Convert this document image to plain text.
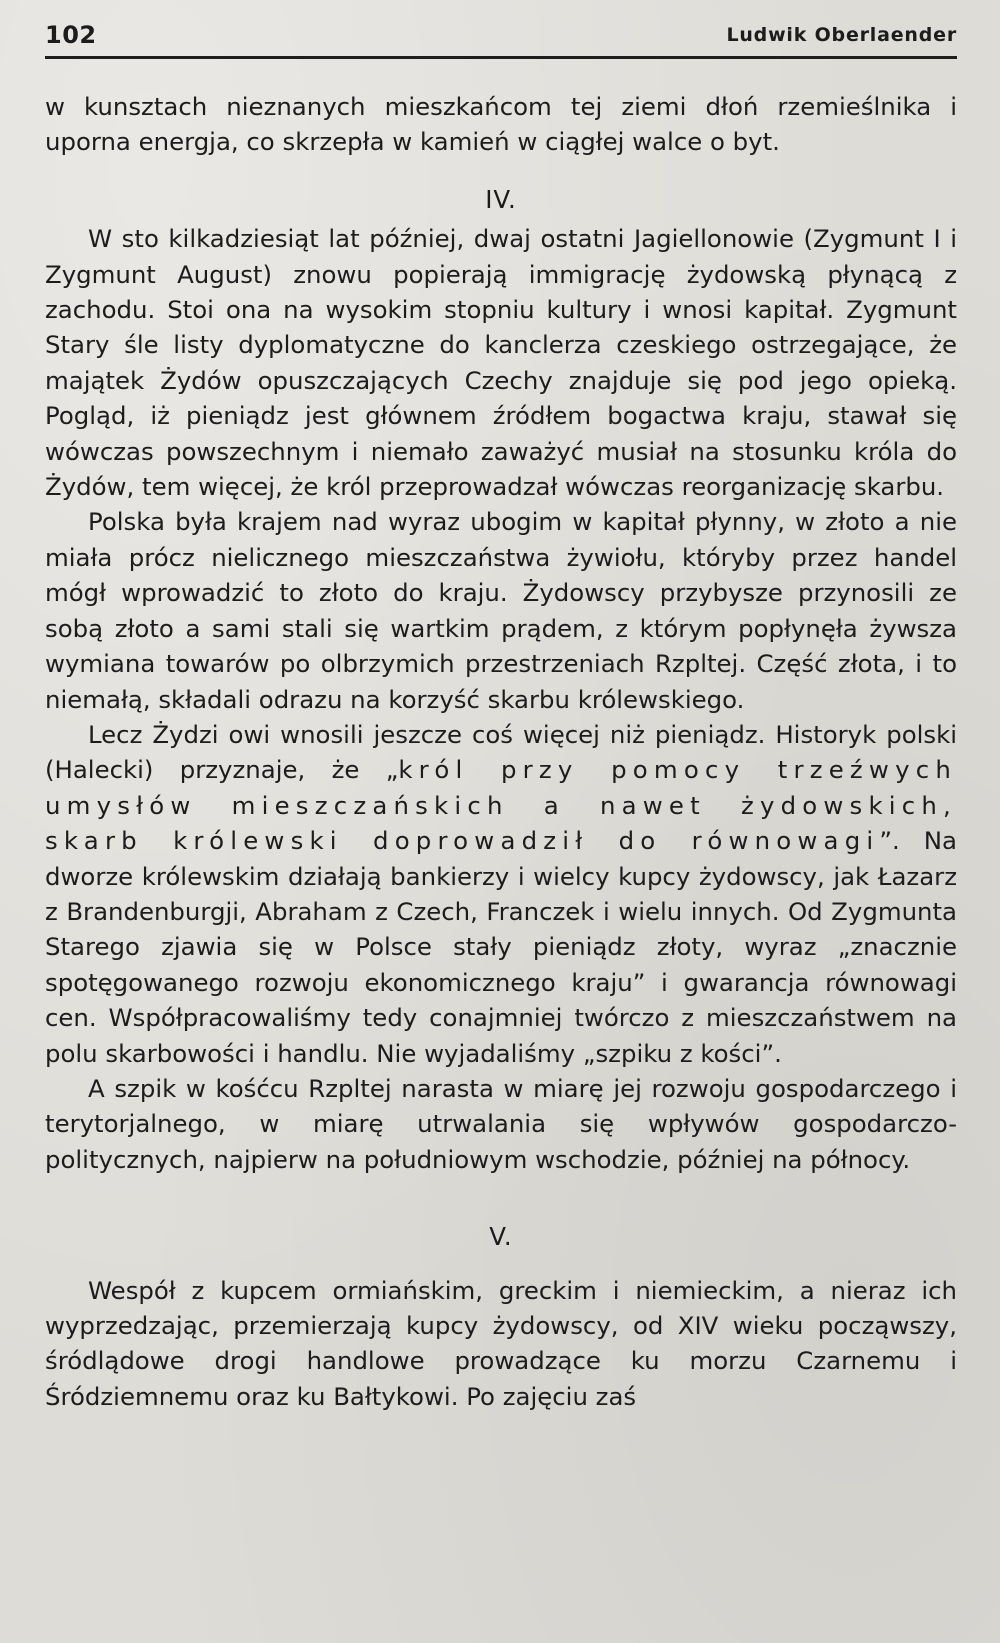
102	Ludwik Oberlaender

w kunsztach nieznanych mieszkańcom tej ziemi dłoń rzemieślnika i uporna energja, co skrzepła w kamień w ciągłej walce o byt.

IV.

W sto kilkadziesiąt lat później, dwaj ostatni Jagiellonowie (Zygmunt I i Zygmunt August) znowu popierają immigrację żydowską płynącą z zachodu. Stoi ona na wysokim stopniu kultury i wnosi kapitał. Zygmunt Stary śle listy dyplomatyczne do kanclerza czeskiego ostrzegające, że majątek Żydów opuszczających Czechy znajduje się pod jego opieką. Pogląd, iż pieniądz jest głównem źródłem bogactwa kraju, stawał się wówczas powszechnym i niemało zaważyć musiał na stosunku króla do Żydów, tem więcej, że król przeprowadzał wówczas reorganizację skarbu.

Polska była krajem nad wyraz ubogim w kapitał płynny, w złoto a nie miała prócz nielicznego mieszczaństwa żywiołu, któryby przez handel mógł wprowadzić to złoto do kraju. Żydowscy przybysze przynosili ze sobą złoto a sami stali się wartkim prądem, z którym popłynęła żywsza wymiana towarów po olbrzymich przestrzeniach Rzpltej. Część złota, i to niemałą, składali odrazu na korzyść skarbu królewskiego.

Lecz Żydzi owi wnosili jeszcze coś więcej niż pieniądz. Historyk polski (Halecki) przyznaje, że „król przy pomocy trzeźwych umysłów mieszczańskich a nawet żydowskich, skarb królewski doprowadził do równowagi”. Na dworze królewskim działają bankierzy i wielcy kupcy żydowscy, jak Łazarz z Brandenburgji, Abraham z Czech, Franczek i wielu innych. Od Zygmunta Starego zjawia się w Polsce stały pieniądz złoty, wyraz „znacznie spotęgowanego rozwoju ekonomicznego kraju” i gwarancja równowagi cen. Współpracowaliśmy tedy conajmniej twórczo z mieszczaństwem na polu skarbowości i handlu. Nie wyjadaliśmy „szpiku z kości”.

A szpik w kośćcu Rzpltej narasta w miarę jej rozwoju gospodarczego i terytorjalnego, w miarę utrwalania się wpływów gospodarczo-politycznych, najpierw na południowym wschodzie, później na północy.

V.

Wespół z kupcem ormiańskim, greckim i niemieckim, a nieraz ich wyprzedzając, przemierzają kupcy żydowscy, od XIV wieku począwszy, śródlądowe drogi handlowe prowadzące ku morzu Czarnemu i Śródziemnemu oraz ku Bałtykowi. Po zajęciu zaś
